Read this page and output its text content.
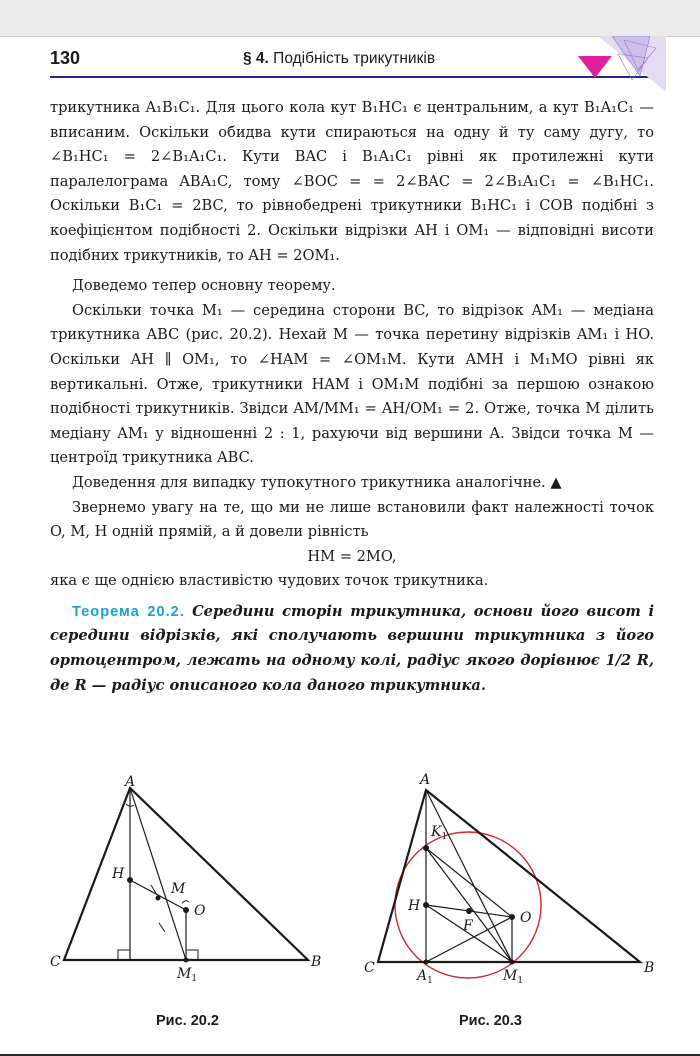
130	§ 4. Подібність трикутників

трикутника A₁B₁C₁. Для цього кола кут B₁HC₁ є центральним, а кут B₁A₁C₁ — вписаним. Оскільки обидва кути спираються на одну й ту саму дугу, то ∠B₁HC₁ = 2∠B₁A₁C₁. Кути BAC і B₁A₁C₁ рівні як протилежні кути паралелограма ABA₁C, тому ∠BOC = = 2∠BAC = 2∠B₁A₁C₁ = ∠B₁HC₁. Оскільки B₁C₁ = 2BC, то рівнобедрені трикутники B₁HC₁ і COB подібні з коефіцієнтом подібності 2. Оскільки відрізки AH і OM₁ — відповідні висоти подібних трикутників, то AH = 2OM₁.

Доведемо тепер основну теорему.

Оскільки точка M₁ — середина сторони BC, то відрізок AM₁ — медіана трикутника ABC (рис. 20.2). Нехай M — точка перетину відрізків AM₁ і HO. Оскільки AH ∥ OM₁, то ∠HAM = ∠OM₁M. Кути AMH і M₁MO рівні як вертикальні. Отже, трикутники HAM і OM₁M подібні за першою ознакою подібності трикутників. Звідси AM/MM₁ = AH/OM₁ = 2. Отже, точка M ділить медіану AM₁ у відношенні 2 : 1, рахуючи від вершини A. Звідси точка M — центроїд трикутника ABC.

Доведення для випадку тупокутного трикутника аналогічне. ▲

Звернемо увагу на те, що ми не лише встановили факт належності точок O, M, H одній прямій, а й довели рівність

HM = 2MO,

яка є ще однією властивістю чудових точок трикутника.

Теорема 20.2. Середини сторін трикутника, основи його висот і середини відрізків, які сполучають вершини трикутника з його ортоцентром, лежать на одному колі, радіус якого дорівнює 1/2 R, де R — радіус описаного кола даного трикутника.

A
C	B
H
M
O
$M_1$
A
C	B
H
F	O
$K_1$
$A_1$	$M_1$
Рис. 20.2	Рис. 20.3
